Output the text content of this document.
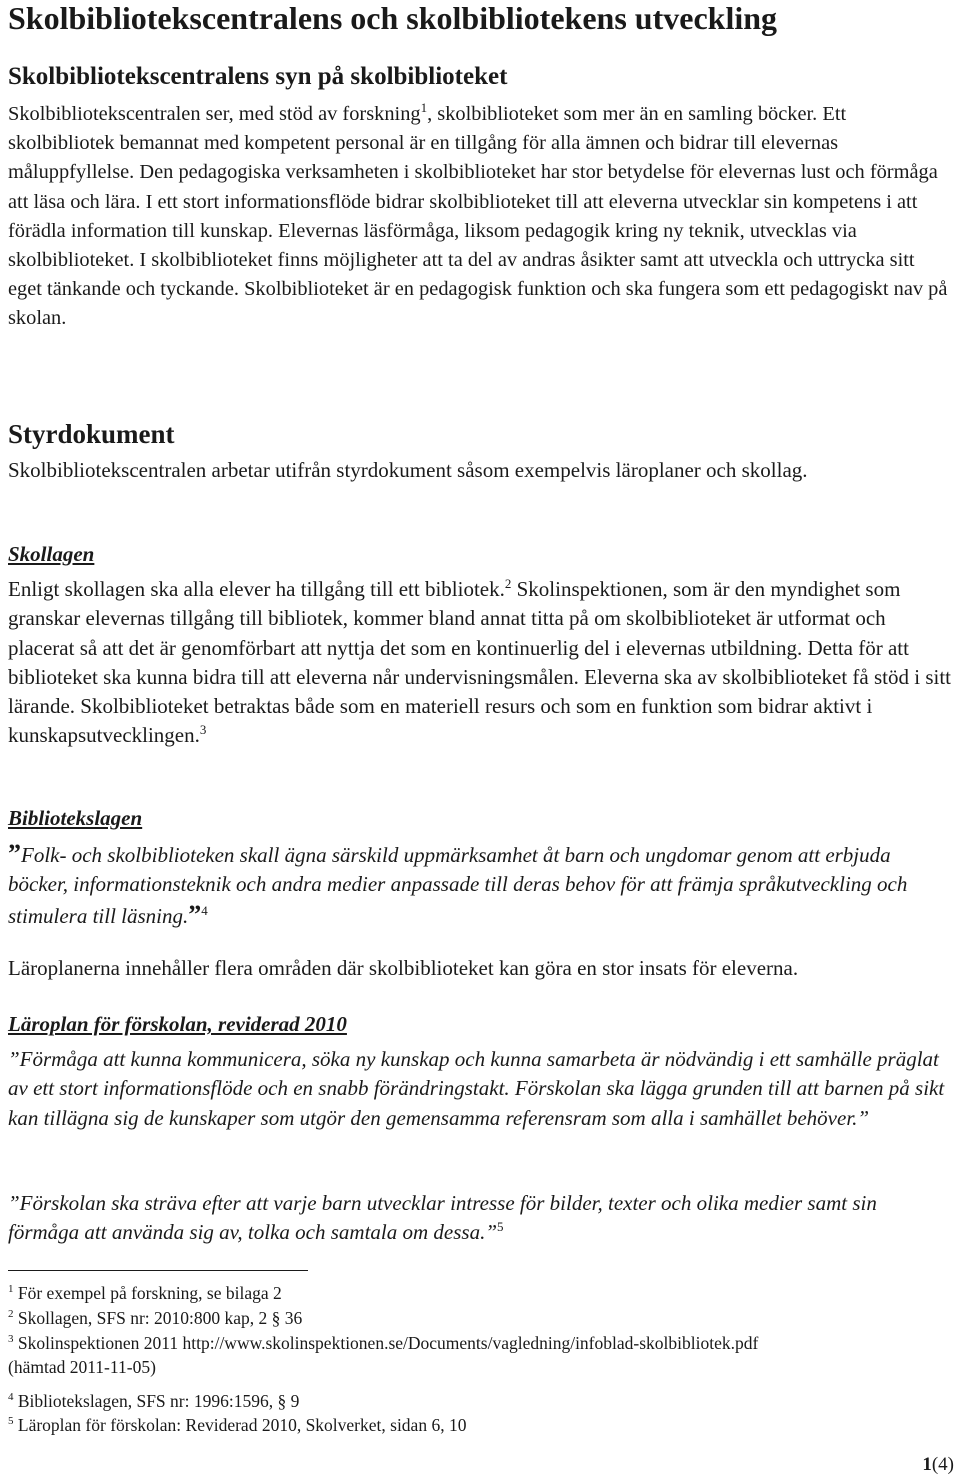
Skolbibliotekscentralens och skolbibliotekens utveckling
Skolbibliotekscentralens syn på skolbiblioteket
Skolbibliotekscentralen ser, med stöd av forskning$^1$, skolbiblioteket som mer än en samling böcker. Ett skolbibliotek bemannat med kompetent personal är en tillgång för alla ämnen och bidrar till elevernas måluppfyllelse. Den pedagogiska verksamheten i skolbiblioteket har stor betydelse för elevernas lust och förmåga att läsa och lära. I ett stort informationsflöde bidrar skolbiblioteket till att eleverna utvecklar sin kompetens i att förädla information till kunskap. Elevernas läsförmåga, liksom pedagogik kring ny teknik, utvecklas via skolbiblioteket. I skolbiblioteket finns möjligheter att ta del av andras åsikter samt att utveckla och uttrycka sitt eget tänkande och tyckande. Skolbiblioteket är en pedagogisk funktion och ska fungera som ett pedagogiskt nav på skolan.
Styrdokument
Skolbibliotekscentralen arbetar utifrån styrdokument såsom exempelvis läroplaner och skollag.
Skollagen
Enligt skollagen ska alla elever ha tillgång till ett bibliotek.$^2$ Skolinspektionen, som är den myndighet som granskar elevernas tillgång till bibliotek, kommer bland annat titta på om skolbiblioteket är utformat och placerat så att det är genomförbart att nyttja det som en kontinuerlig del i elevernas utbildning. Detta för att biblioteket ska kunna bidra till att eleverna når undervisningsmålen. Eleverna ska av skolbiblioteket få stöd i sitt lärande. Skolbiblioteket betraktas både som en materiell resurs och som en funktion som bidrar aktivt i kunskapsutvecklingen.$^3$
Bibliotekslagen
”Folk- och skolbiblioteken skall ägna särskild uppmärksamhet åt barn och ungdomar genom att erbjuda böcker, informationsteknik och andra medier anpassade till deras behov för att främja språkutveckling och stimulera till läsning.”$^4$
Läroplanerna innehåller flera områden där skolbiblioteket kan göra en stor insats för eleverna.
Läroplan för förskolan, reviderad 2010
”Förmåga att kunna kommunicera, söka ny kunskap och kunna samarbeta är nödvändig i ett samhälle präglat av ett stort informationsflöde och en snabb förändringstakt. Förskolan ska lägga grunden till att barnen på sikt kan tillägna sig de kunskaper som utgör den gemensamma referensram som alla i samhället behöver.”
”Förskolan ska sträva efter att varje barn utvecklar intresse för bilder, texter och olika medier samt sin förmåga att använda sig av, tolka och samtala om dessa.”$^5$
$^1$ För exempel på forskning, se bilaga 2
$^2$ Skollagen, SFS nr: 2010:800 kap, 2 § 36
$^3$ Skolinspektionen 2011 http://www.skolinspektionen.se/Documents/vagledning/infoblad-skolbibliotek.pdf
(hämtad 2011-11-05)
$^4$ Bibliotekslagen, SFS nr: 1996:1596, § 9
$^5$ Läroplan för förskolan: Reviderad 2010, Skolverket, sidan 6, 10
1(4)
